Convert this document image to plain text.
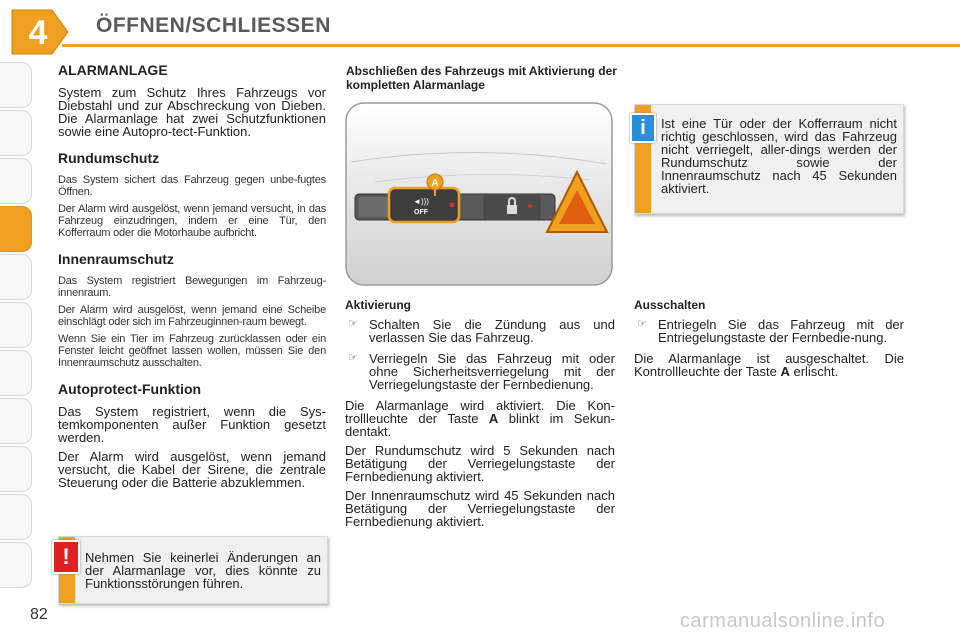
4 ÖFFNEN/SCHLIESSEN
ALARMANLAGE

System zum Schutz Ihres Fahrzeugs vor Diebstahl und zur Abschreckung von Dieben. Die Alarmanlage hat zwei Schutzfunktionen sowie eine Autopro-tect-Funktion.

Rundumschutz

Das System sichert das Fahrzeug gegen unbe-fugtes Öffnen.

Der Alarm wird ausgelöst, wenn jemand versucht, in das Fahrzeug einzudringen, indem er eine Tür, den Kofferraum oder die Motorhaube aufbricht.

Innenraumschutz

Das System registriert Bewegungen im Fahrzeug-innenraum.

Der Alarm wird ausgelöst, wenn jemand eine Scheibe einschlägt oder sich im Fahrzeuginnen-raum bewegt.

Wenn Sie ein Tier im Fahrzeug zurücklassen oder ein Fenster leicht geöffnet lassen wollen, müssen Sie den Innenraumschutz ausschalten.

Autoprotect-Funktion

Das System registriert, wenn die Sys-temkomponenten außer Funktion gesetzt werden.

Der Alarm wird ausgelöst, wenn jemand versucht, die Kabel der Sirene, die zentrale Steuerung oder die Batterie abzuklemmen.

Nehmen Sie keinerlei Änderungen an der Alarmanlage vor, dies könnte zu Funktionsstörungen führen.
!
Abschließen des Fahrzeugs mit Aktivierung der kompletten Alarmanlage
◄)))
OFF
A

Aktivierung

☞ Schalten Sie die Zündung aus und verlassen Sie das Fahrzeug.
☞ Verriegeln Sie das Fahrzeug mit oder ohne Sicherheitsverriegelung mit der Verriegelungstaste der Fernbedienung.

Die Alarmanlage wird aktiviert. Die Kon-trollleuchte der Taste A blinkt im Sekun-dentakt.

Der Rundumschutz wird 5 Sekunden nach Betätigung der Verriegelungstaste der Fernbedienung aktiviert.

Der Innenraumschutz wird 45 Sekunden nach Betätigung der Verriegelungstaste der Fernbedienung aktiviert.

Ist eine Tür oder der Kofferraum nicht richtig geschlossen, wird das Fahrzeug nicht verriegelt, aller-dings werden der Rundumschutz sowie der Innenraumschutz nach 45 Sekunden aktiviert.
i

Ausschalten

☞ Entriegeln Sie das Fahrzeug mit der Entriegelungstaste der Fernbedie-nung.

Die Alarmanlage ist ausgeschaltet. Die Kontrollleuchte der Taste A erlischt.

82	carmanualsonline.info
